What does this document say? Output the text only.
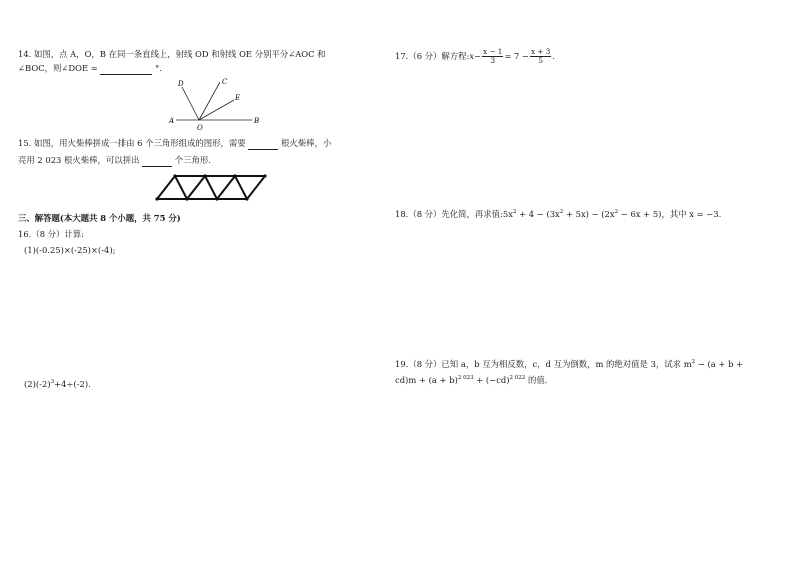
14. 如图，点 A，O，B 在同一条直线上，射线 OD 和射线 OE 分别平分∠AOC 和
∠BOC，则∠DOE =	°.
A
O
B
C
D
E
15. 如图，用火柴棒拼成一排由 6 个三角形组成的图形，需要	根火柴棒，小
亮用 2 023 根火柴棒，可以拼出	个三角形.
三、解答题(本大题共 8 个小题，共 75 分)
16.（8 分）计算:
(1)(-0.25)×(-25)×(-4);
$(2)(-2)^3+4\div(-2)$.
17.（6 分）解方程: $x - \frac{x - 1}{3} = 7 - \frac{x + 3}{5}$ .
18.（8 分）先化简，再求值$:5x^2 + 4 - (3x^2 + 5x) - (2x^2 - 6x + 5)$，其中 x = −3.
19.（8 分）已知 a，b 互为相反数，c，d 互为倒数，m 的绝对值是 3，试求 $m^2 - (a + b$ +
$cd)m + (a + b)^{2 023} + (-cd)^{2 022}$ 的值.
